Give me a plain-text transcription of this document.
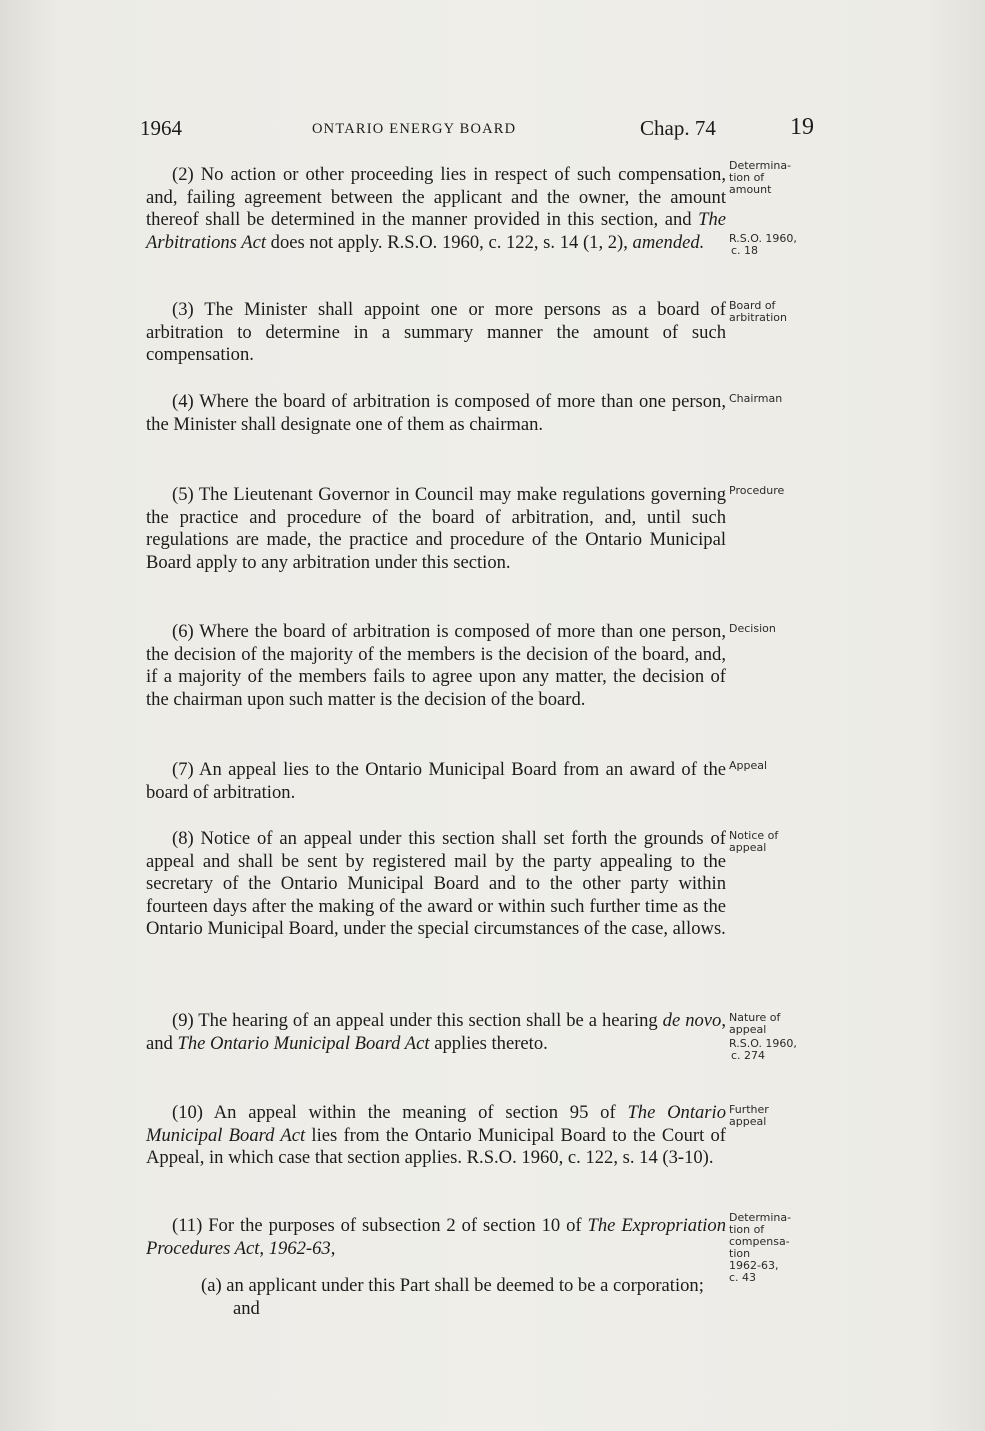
1964	ONTARIO ENERGY BOARD	Chap. 74	19

(2) No action or other proceeding lies in respect of such compensation, and, failing agreement between the applicant and the owner, the amount thereof shall be determined in the manner provided in this section, and The Arbitrations Act does not apply. R.S.O. 1960, c. 122, s. 14 (1, 2), amended.

(3) The Minister shall appoint one or more persons as a board of arbitration to determine in a summary manner the amount of such compensation.

(4) Where the board of arbitration is composed of more than one person, the Minister shall designate one of them as chairman.

(5) The Lieutenant Governor in Council may make regulations governing the practice and procedure of the board of arbitration, and, until such regulations are made, the practice and procedure of the Ontario Municipal Board apply to any arbitration under this section.

(6) Where the board of arbitration is composed of more than one person, the decision of the majority of the members is the decision of the board, and, if a majority of the members fails to agree upon any matter, the decision of the chairman upon such matter is the decision of the board.

(7) An appeal lies to the Ontario Municipal Board from an award of the board of arbitration.

(8) Notice of an appeal under this section shall set forth the grounds of appeal and shall be sent by registered mail by the party appealing to the secretary of the Ontario Municipal Board and to the other party within fourteen days after the making of the award or within such further time as the Ontario Municipal Board, under the special circumstances of the case, allows.

(9) The hearing of an appeal under this section shall be a hearing de novo, and The Ontario Municipal Board Act applies thereto.

(10) An appeal within the meaning of section 95 of The Ontario Municipal Board Act lies from the Ontario Municipal Board to the Court of Appeal, in which case that section applies. R.S.O. 1960, c. 122, s. 14 (3-10).

(11) For the purposes of subsection 2 of section 10 of The Expropriation Procedures Act, 1962-63,

(a) an applicant under this Part shall be deemed to be a corporation; and

Determina-
tion of
amount
R.S.O. 1960,
c. 18
Board of
arbitration
Chairman
Procedure
Decision
Appeal
Notice of
appeal
Nature of
appeal
R.S.O. 1960,
c. 274
Further
appeal
Determina-
tion of
compensa-
tion
1962-63,
c. 43
